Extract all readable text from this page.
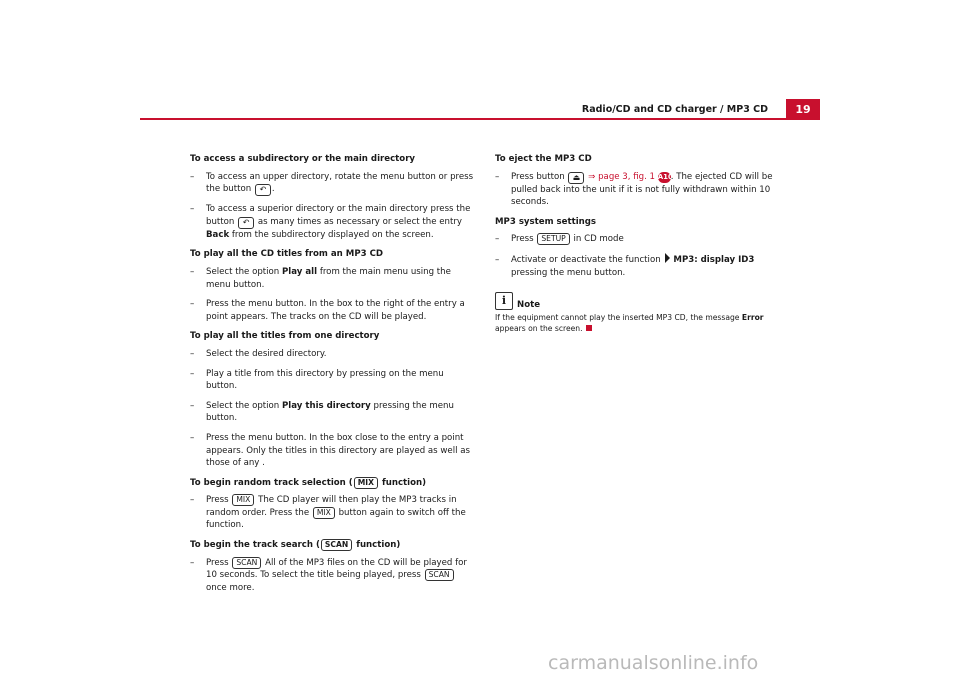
Radio/CD and CD charger / MP3 CD	19
To access a subdirectory or the main directory
– To access an upper directory, rotate the menu button or press the button ↶ .
– To access a superior directory or the main directory press the button ↶ as many times as necessary or select the entry Back from the subdirectory displayed on the screen.
To play all the CD titles from an MP3 CD
– Select the option Play all from the main menu using the menu button.
– Press the menu button. In the box to the right of the entry a point appears. The tracks on the CD will be played.
To play all the titles from one directory
– Select the desired directory.
– Play a title from this directory by pressing on the menu button.
– Select the option Play this directory pressing the menu button.
– Press the menu button. In the box close to the entry a point appears. Only the titles in this directory are played as well as those of any .
To begin random track selection ( MIX function)
– Press MIX The CD player will then play the MP3 tracks in random order. Press the MIX button again to switch off the function.
To begin the track search ( SCAN function)
– Press SCAN All of the MP3 files on the CD will be played for 10 seconds. To select the title being played, press SCAN once more.
To eject the MP3 CD
– Press button ⏏ ⇒ page 3, fig. 1 A10. The ejected CD will be pulled back into the unit if it is not fully withdrawn within 10 seconds.
MP3 system settings
– Press SETUP in CD mode
– Activate or deactivate the function MP3: display ID3 pressing the menu button.
i	Note
If the equipment cannot play the inserted MP3 CD, the message Error appears on the screen.
carmanualsonline.info
